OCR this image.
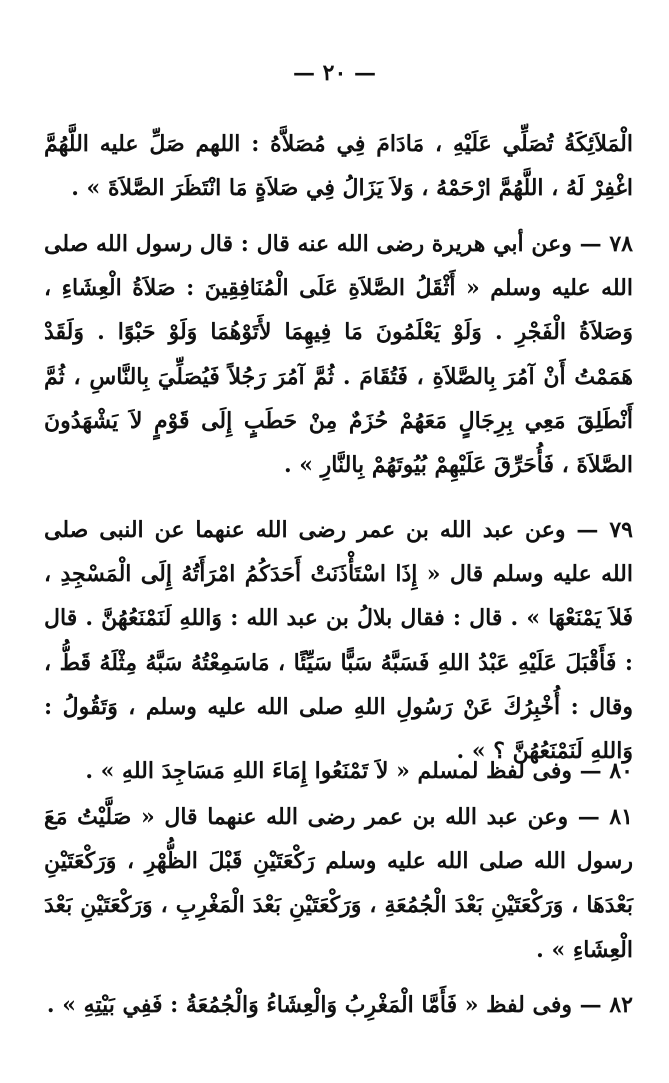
— ٢٠ —

الْمَلاَئِكَةُ تُصَلِّي عَلَيْهِ ، مَادَامَ فِي مُصَلاَّهُ : اللهم صَلِّ عليه اللَّهُمَّ اغْفِرْ لَهُ ، اللَّهُمَّ ارْحَمْهُ ، وَلاَ يَزَالُ فِي صَلاَةٍ مَا انْتَظَرَ الصَّلاَةَ » .

٧٨ — وعن أبي هريرة رضى الله عنه قال : قال رسول الله صلى الله عليه وسلم « أَثْقَلُ الصَّلاَةِ عَلَى الْمُنَافِقِينَ : صَلاَةُ الْعِشَاءِ ، وَصَلاَةُ الْفَجْرِ . وَلَوْ يَعْلَمُونَ مَا فِيهِمَا لأَتَوْهُمَا وَلَوْ حَبْوًا . وَلَقَدْ هَمَمْتُ أَنْ آمُرَ بِالصَّلاَةِ ، فَتُقَامَ . ثُمَّ آمُرَ رَجُلاً فَيُصَلِّيَ بِالنَّاسِ ، ثُمَّ أَنْطَلِقَ مَعِي بِرِجَالٍ مَعَهُمْ حُزَمٌ مِنْ حَطَبٍ إِلَى قَوْمٍ لاَ يَشْهَدُونَ الصَّلاَةَ ، فَأُحَرِّقَ عَلَيْهِمْ بُيُوتَهُمْ بِالنَّارِ » .

٧٩ — وعن عبد الله بن عمر رضى الله عنهما عن النبى صلى الله عليه وسلم قال « إِذَا اسْتَأْذَنَتْ أَحَدَكُمُ امْرَأَتُهُ إِلَى الْمَسْجِدِ ، فَلاَ يَمْنَعْهَا » . قال : فقال بلالُ بن عبد الله : وَاللهِ لَنَمْنَعُهُنَّ . قال : فَأَقْبَلَ عَلَيْهِ عَبْدُ اللهِ فَسَبَّهُ سَبًّا سَيِّئًا ، مَاسَمِعْتُهُ سَبَّهُ مِثْلَهُ قَطُّ ، وقال : أُخْبِرُكَ عَنْ رَسُولِ اللهِ صلى الله عليه وسلم ، وَتَقُولُ : وَاللهِ لَنَمْنَعُهُنَّ ؟ » .

٨٠ — وفى لفظ لمسلم « لاَ تَمْنَعُوا إِمَاءَ اللهِ مَسَاجِدَ اللهِ » .

٨١ — وعن عبد الله بن عمر رضى الله عنهما قال « صَلَّيْتُ مَعَ رسول الله صلى الله عليه وسلم رَكْعَتَيْنِ قَبْلَ الظُّهْرِ ، وَرَكْعَتَيْنِ بَعْدَهَا ، وَرَكْعَتَيْنِ بَعْدَ الْجُمُعَةِ ، وَرَكْعَتَيْنِ بَعْدَ الْمَغْرِبِ ، وَرَكْعَتَيْنِ بَعْدَ الْعِشَاءِ » .

٨٢ — وفى لفظ « فَأَمَّا الْمَغْرِبُ وَالْعِشَاءُ وَالْجُمُعَةُ : فَفِي بَيْتِهِ » .
